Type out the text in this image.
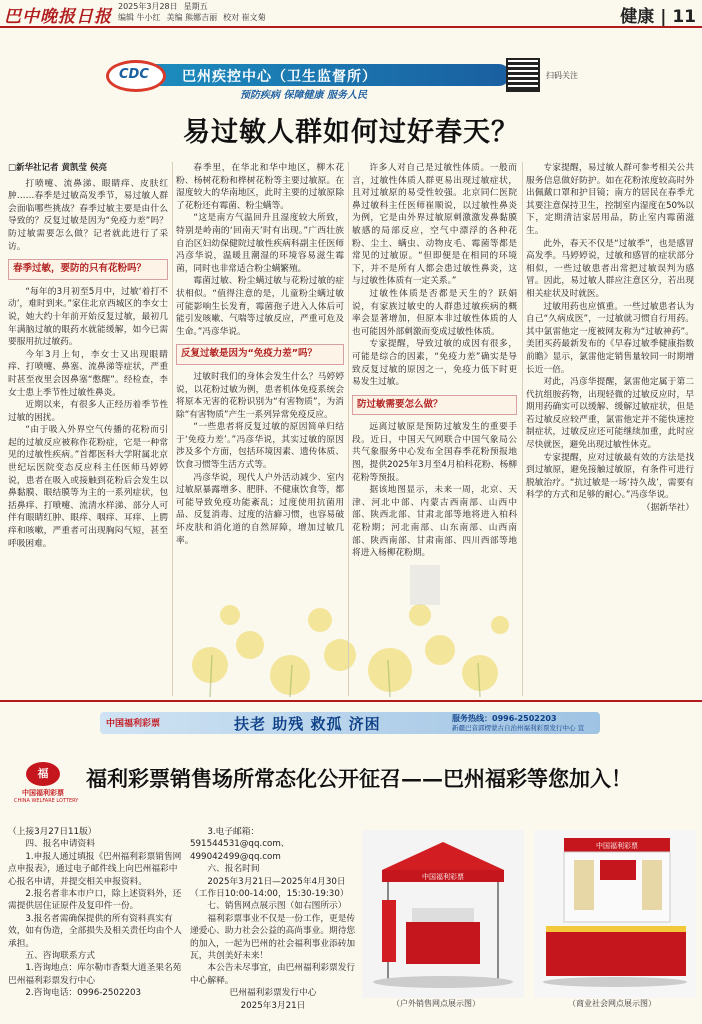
巴中晚报日报
2025年3月28日 星期五
编辑 牛小红 美编 熊娜吉丽 校对 崔文菊	健康 | 11
CDC 巴州疾控中心（卫生监督所）
预防疾病 保障健康 服务人民
扫码关注
易过敏人群如何过好春天？
□新华社记者 黄凯莹 侯亮

打喷嚏、流鼻涕、眼睛痒、皮肤红肿……春季是过敏高发季节，易过敏人群会面临哪些挑战？春季过敏主要是由什么导致的？反复过敏是因为“免疫力差”吗？防过敏需要怎么做？记者就此进行了采访。

春季过敏，要防的只有花粉吗？

“每年的3月初至5月中，过敏‘着打不动’，难时到来。”家住北京西城区的李女士说，她大约十年前开始反复过敏，最初几年满脑过敏的眼药水就能缓解，如今已需要服用抗过敏药。

今年3月上旬，李女士又出现眼睛痒、打喷嚏、鼻塞、流鼻涕等症状，严重时甚至夜里会因鼻塞“憋醒”。经检查，李女士患上季节性过敏性鼻炎。

近期以来，有很多人正经历着季节性过敏的困扰。

“由于吸入外界空气传播的花粉而引起的过敏反应被称作花粉症，它是一种常见的过敏性疾病。”首都医科大学附属北京世纪坛医院变态反应科主任医师马婷婷说，患者在吸入或接触到花粉后会发生以鼻黏膜、眼结膜等为主的一系列症状，包括鼻痒、打喷嚏、流清水样涕、部分人可伴有眼睛红肿、眼痒、咽痒、耳痒、上腭痒和咳嗽，严重者可出现胸闷气短，甚至呼吸困难。

春季里，在华北和华中地区，柳木花粉、杨树花粉和桦树花粉等主要过敏原。在湿度较大的华南地区，此时主要的过敏原除了花粉还有霉菌、粉尘螨等。

“这是南方气温回升且湿度较大所致，特别是岭南的‘回南天’时有出现。”广西壮族自治区妇幼保健院过敏性疾病科副主任医师冯彦华说，温暖且潮湿的环境容易滋生霉菌，同时也非常适合粉尘螨繁殖。

霉菌过敏、粉尘螨过敏与花粉过敏的症状相似。“值得注意的是，儿童粉尘螨过敏可能影响生长发育，霉菌孢子进入人体后可能引发咳嗽、气喘等过敏反应，严重可危及生命。”冯彦华说。

反复过敏是因为“免疫力差”吗？

过敏时我们的身体会发生什么？马婷婷说，以花粉过敏为例，患者机体免疫系统会将原本无害的花粉识别为“有害物质”，为消除“有害物质”产生一系列异常免疫反应。

“一些患者将反复过敏的原因简单归结于‘免疫力差’。”冯彦华说，其实过敏的原因涉及多个方面，包括环境因素、遗传体质、饮食习惯等生活方式等。

冯彦华说，现代人户外活动减少、室内过敏原暴露增多、肥胖、不健康饮食等，都可能导致免疫功能紊乱；过度使用抗菌用品、反复消毒、过度的洁癖习惯，也容易破坏皮肤和消化道的自然屏障，增加过敏几率。

许多人对自己是过敏性体质。一般而言，过敏性体质人群更易出现过敏症状，且对过敏原的易受性较强。北京同仁医院鼻过敏科主任医师崔顺说，以过敏性鼻炎为例，它是由外界过敏原刺激激发鼻黏膜敏感的局部反应，空气中漂浮的各种花粉、尘土、螨虫、动物皮毛、霉菌等都是常见的过敏原。“但即便是在相同的环境下，并不是所有人都会患过敏性鼻炎，这与过敏性体质有一定关系。”

过敏性体质是否都是天生的？跃娟说，有家族过敏史的人群患过敏疾病的概率会显著增加，但原本非过敏性体质的人也可能因外部刺激而变成过敏性体质。

专家提醒，导致过敏的成因有很多，可能是综合的因素，“免疫力差”确实是导致反复过敏的原因之一，免疫力低下时更易发生过敏。

防过敏需要怎么做？

远离过敏原是预防过敏发生的重要手段。近日，中国天气网联合中国气象局公共气象服务中心发布全国春季花粉预报地图，提供2025年3月至4月柏科花粉、杨柳花粉等预报。

据该地图显示，未来一周，北京、天津、河北中部、内蒙古西南部、山西中部、陕西北部、甘肃北部等地将进入柏科花粉期；河北南部、山东南部、山西南部、陕西南部、甘肃南部、四川西部等地将进入杨柳花粉期。

专家提醒，易过敏人群可参考相关公共服务信息做好防护。如在花粉浓度较高时外出佩戴口罩和护目镜；南方的居民在春季尤其要注意保持卫生，控制室内湿度在50%以下，定期清洁家居用品，防止室内霉菌滋生。

此外，春天不仅是“过敏季”，也是感冒高发季。马婷婷说，过敏和感冒的症状部分相似，一些过敏患者出常把过敏误判为感冒。因此，易过敏人群应注意区分，若出现相关症状及时就医。

过敏用药也应慎重。一些过敏患者认为自己“久病成医”，一过敏就习惯自行用药。其中氯雷他定一度被网友称为“过敏神药”。美团买药最新发布的《早春过敏季健康指数前瞻》显示，氯雷他定销售量较同一时期增长近一倍。

对此，冯彦华提醒，氯雷他定属于第二代抗组胺药物，出现轻微的过敏反应时，早期用药确实可以缓解、缓解过敏症状，但是若过敏反应较严重，氯雷他定并不能快速控制症状，过敏反应还可能继续加重，此时应尽快就医，避免出现过敏性休克。

专家提醒，应对过敏最有效的方法是找到过敏原，避免接触过敏原，有条件可进行脱敏治疗。“抗过敏是一场‘持久战’，需要有科学的方式和足够的耐心。”冯彦华说。

（据新华社）

中国福利彩票	扶老 助残 救孤 济困	服务热线：0996-2502203
新疆巴音郭楞蒙古自治州福利彩票发行中心 宣
福
中国福利彩票
CHINA WELFARE LOTTERY
福利彩票销售场所常态化公开征召——巴州福彩等您加入！

（上接3月27日11版）

四、报名申请资料

1.申报人通过填报《巴州福利彩票销售网点申报表》，通过电子邮件线上向巴州福彩中心报名申请，并提交相关申报资料。

2.报名者非本市户口，除上述资料外，还需提供居住证原件及复印件一份。

3.报名者需确保提供的所有资料真实有效，如有伪造，全部损失及相关责任均由个人承担。

五、咨询联系方式

1.咨询地点：库尔勒市香梨大道圣果名苑巴州福利彩票发行中心

2.咨询电话：0996-2502203

3.电子邮箱：591544531@qq.com、499042499@qq.com

六、报名时间

2025年3月21日—2025年4月30日（工作日10:00-14:00，15:30-19:30）

七、销售网点展示图（如右图所示）

福利彩票事业不仅是一份工作，更是传递爱心、助力社会公益的高尚事业。期待您的加入，一起为巴州的社会福利事业添砖加瓦，共创美好未来！

本公告未尽事宜，由巴州福利彩票发行中心解释。

巴州福利彩票发行中心

2025年3月21日

中国福利彩票
（户外销售网点展示图）
中国福利彩票
（商业社会网点展示图）
